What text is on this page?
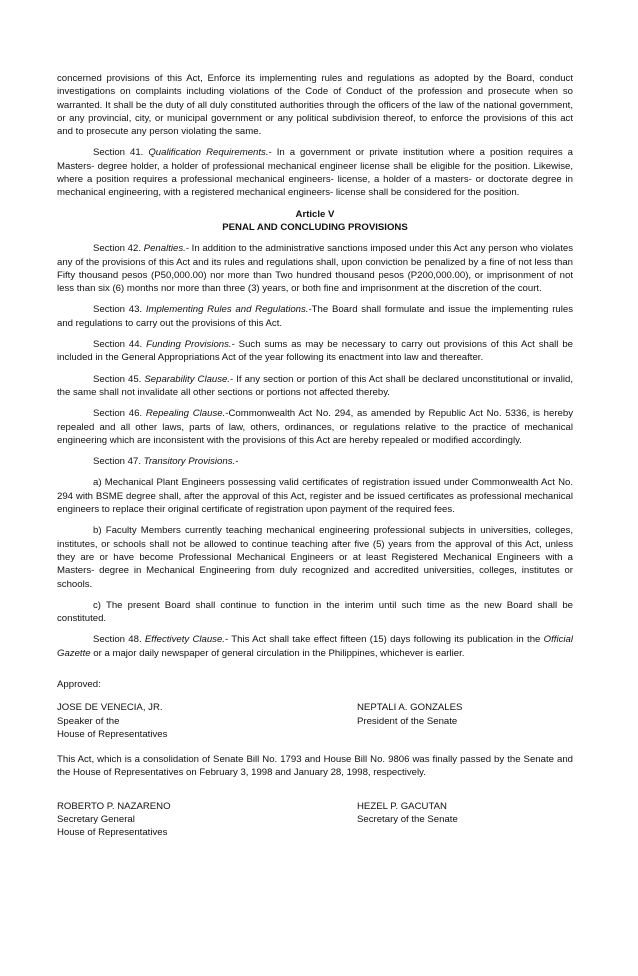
concerned provisions of this Act, Enforce its implementing rules and regulations as adopted by the Board, conduct investigations on complaints including violations of the Code of Conduct of the profession and prosecute when so warranted. It shall be the duty of all duly constituted authorities through the officers of the law of the national government, or any provincial, city, or municipal government or any political subdivision thereof, to enforce the provisions of this act and to prosecute any person violating the same.

Section 41. Qualification Requirements.- In a government or private institution where a position requires a Masters- degree holder, a holder of professional mechanical engineer license shall be eligible for the position. Likewise, where a position requires a professional mechanical engineers- license, a holder of a masters- or doctorate degree in mechanical engineering, with a registered mechanical engineers- license shall be considered for the position.

Article V

PENAL AND CONCLUDING PROVISIONS

Section 42. Penalties.- In addition to the administrative sanctions imposed under this Act any person who violates any of the provisions of this Act and its rules and regulations shall, upon conviction be penalized by a fine of not less than Fifty thousand pesos (P50,000.00) nor more than Two hundred thousand pesos (P200,000.00), or imprisonment of not less than six (6) months nor more than three (3) years, or both fine and imprisonment at the discretion of the court.

Section 43. Implementing Rules and Regulations.-The Board shall formulate and issue the implementing rules and regulations to carry out the provisions of this Act.

Section 44. Funding Provisions.- Such sums as may be necessary to carry out provisions of this Act shall be included in the General Appropriations Act of the year following its enactment into law and thereafter.

Section 45. Separability Clause.- If any section or portion of this Act shall be declared unconstitutional or invalid, the same shall not invalidate all other sections or portions not affected thereby.

Section 46. Repealing Clause.-Commonwealth Act No. 294, as amended by Republic Act No. 5336, is hereby repealed and all other laws, parts of law, others, ordinances, or regulations relative to the practice of mechanical engineering which are inconsistent with the provisions of this Act are hereby repealed or modified accordingly.

Section 47. Transitory Provisions.-

a) Mechanical Plant Engineers possessing valid certificates of registration issued under Commonwealth Act No. 294 with BSME degree shall, after the approval of this Act, register and be issued certificates as professional mechanical engineers to replace their original certificate of registration upon payment of the required fees.

b) Faculty Members currently teaching mechanical engineering professional subjects in universities, colleges, institutes, or schools shall not be allowed to continue teaching after five (5) years from the approval of this Act, unless they are or have become Professional Mechanical Engineers or at least Registered Mechanical Engineers with a Masters- degree in Mechanical Engineering from duly recognized and accredited universities, colleges, institutes or schools.

c) The present Board shall continue to function in the interim until such time as the new Board shall be constituted.

Section 48. Effectivety Clause.- This Act shall take effect fifteen (15) days following its publication in the Official Gazette or a major daily newspaper of general circulation in the Philippines, whichever is earlier.

Approved:

JOSE DE VENECIA, JR.
Speaker of the
House of Representatives
NEPTALI A. GONZALES
President of the Senate

This Act, which is a consolidation of Senate Bill No. 1793 and House Bill No. 9806 was finally passed by the Senate and the House of Representatives on February 3, 1998 and January 28, 1998, respectively.

ROBERTO P. NAZARENO
Secretary General
House of Representatives
HEZEL P. GACUTAN
Secretary of the Senate
